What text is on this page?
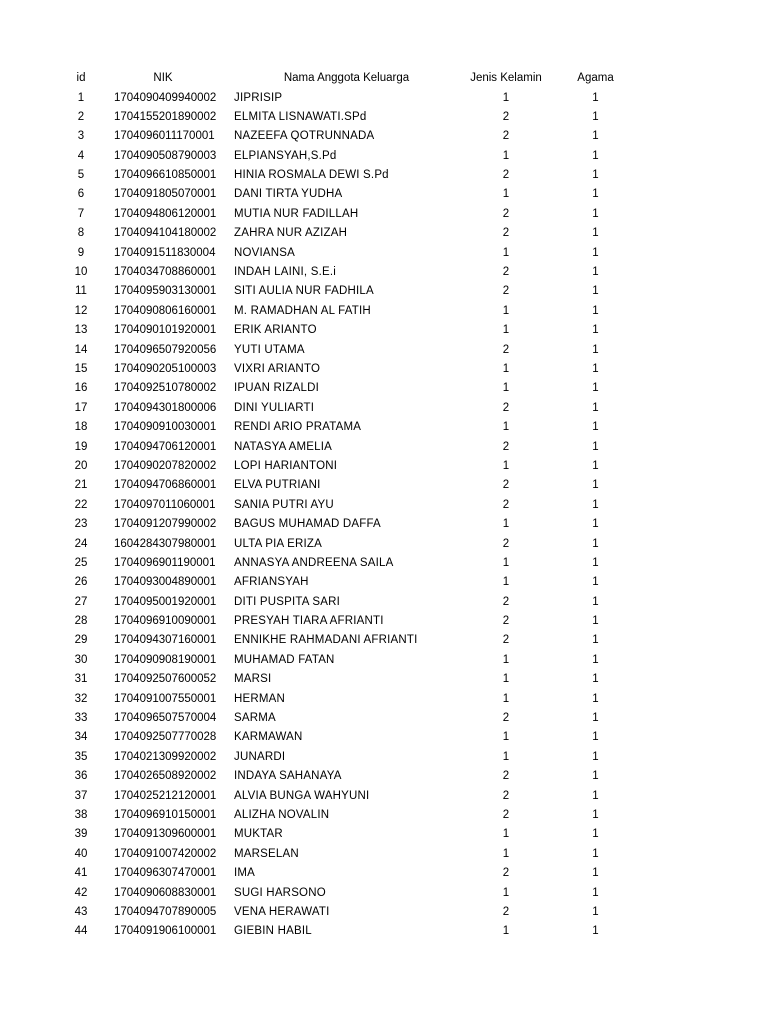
id	NIK	Nama Anggota Keluarga	Jenis Kelamin	Agama
1	1704090409940002	JIPRISIP	1	1
2	1704155201890002	ELMITA LISNAWATI.SPd	2	1
3	1704096011170001	NAZEEFA QOTRUNNADA	2	1
4	1704090508790003	ELPIANSYAH,S.Pd	1	1
5	1704096610850001	HINIA ROSMALA DEWI S.Pd	2	1
6	1704091805070001	DANI TIRTA YUDHA	1	1
7	1704094806120001	MUTIA NUR FADILLAH	2	1
8	1704094104180002	ZAHRA NUR AZIZAH	2	1
9	1704091511830004	NOVIANSA	1	1
10	1704034708860001	INDAH LAINI, S.E.i	2	1
11	1704095903130001	SITI AULIA NUR FADHILA	2	1
12	1704090806160001	M. RAMADHAN AL FATIH	1	1
13	1704090101920001	ERIK ARIANTO	1	1
14	1704096507920056	YUTI UTAMA	2	1
15	1704090205100003	VIXRI ARIANTO	1	1
16	1704092510780002	IPUAN RIZALDI	1	1
17	1704094301800006	DINI YULIARTI	2	1
18	1704090910030001	RENDI ARIO PRATAMA	1	1
19	1704094706120001	NATASYA AMELIA	2	1
20	1704090207820002	LOPI HARIANTONI	1	1
21	1704094706860001	ELVA PUTRIANI	2	1
22	1704097011060001	SANIA PUTRI AYU	2	1
23	1704091207990002	BAGUS MUHAMAD DAFFA	1	1
24	1604284307980001	ULTA PIA ERIZA	2	1
25	1704096901190001	ANNASYA ANDREENA SAILA	1	1
26	1704093004890001	AFRIANSYAH	1	1
27	1704095001920001	DITI PUSPITA SARI	2	1
28	1704096910090001	PRESYAH TIARA AFRIANTI	2	1
29	1704094307160001	ENNIKHE RAHMADANI AFRIANTI	2	1
30	1704090908190001	MUHAMAD FATAN	1	1
31	1704092507600052	MARSI	1	1
32	1704091007550001	HERMAN	1	1
33	1704096507570004	SARMA	2	1
34	1704092507770028	KARMAWAN	1	1
35	1704021309920002	JUNARDI	1	1
36	1704026508920002	INDAYA SAHANAYA	2	1
37	1704025212120001	ALVIA BUNGA WAHYUNI	2	1
38	1704096910150001	ALIZHA NOVALIN	2	1
39	1704091309600001	MUKTAR	1	1
40	1704091007420002	MARSELAN	1	1
41	1704096307470001	IMA	2	1
42	1704090608830001	SUGI HARSONO	1	1
43	1704094707890005	VENA HERAWATI	2	1
44	1704091906100001	GIEBIN HABIL	1	1
